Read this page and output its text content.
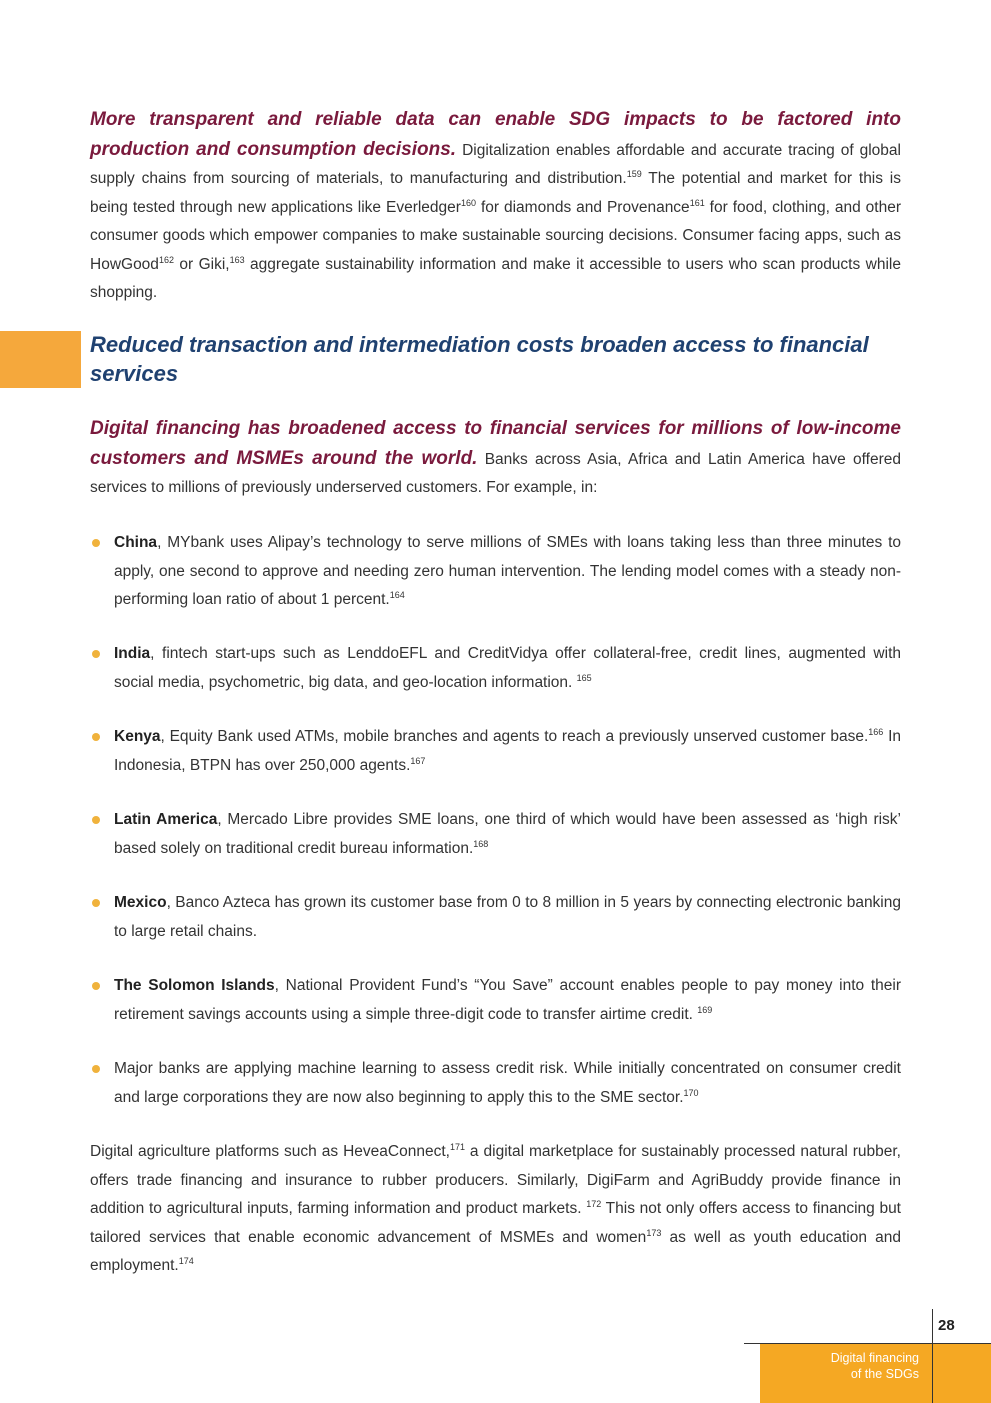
More transparent and reliable data can enable SDG impacts to be factored into production and consumption decisions. Digitalization enables affordable and accurate tracing of global supply chains from sourcing of materials, to manufacturing and distribution.$^{159}$ The potential and market for this is being tested through new applications like Everledger$^{160}$ for diamonds and Provenance$^{161}$ for food, clothing, and other consumer goods which empower companies to make sustainable sourcing decisions. Consumer facing apps, such as HowGood$^{162}$ or Giki,$^{163}$ aggregate sustainability information and make it accessible to users who scan products while shopping.

Reduced transaction and intermediation costs broaden access to financial services

Digital financing has broadened access to financial services for millions of low-income customers and MSMEs around the world. Banks across Asia, Africa and Latin America have offered services to millions of previously underserved customers. For example, in:

China, MYbank uses Alipay’s technology to serve millions of SMEs with loans taking less than three minutes to apply, one second to approve and needing zero human intervention. The lending model comes with a steady non-performing loan ratio of about 1 percent.$^{164}$
India, fintech start-ups such as LenddoEFL and CreditVidya offer collateral-free, credit lines, augmented with social media, psychometric, big data, and geo-location information. $^{165}$
Kenya, Equity Bank used ATMs, mobile branches and agents to reach a previously unserved customer base.$^{166}$ In Indonesia, BTPN has over 250,000 agents.$^{167}$
Latin America, Mercado Libre provides SME loans, one third of which would have been assessed as ‘high risk’ based solely on traditional credit bureau information.$^{168}$
Mexico, Banco Azteca has grown its customer base from 0 to 8 million in 5 years by connecting electronic banking to large retail chains.
The Solomon Islands, National Provident Fund’s “You Save” account enables people to pay money into their retirement savings accounts using a simple three-digit code to transfer airtime credit. $^{169}$
Major banks are applying machine learning to assess credit risk. While initially concentrated on consumer credit and large corporations they are now also beginning to apply this to the SME sector.$^{170}$

Digital agriculture platforms such as HeveaConnect,$^{171}$ a digital marketplace for sustainably processed natural rubber, offers trade financing and insurance to rubber producers. Similarly, DigiFarm and AgriBuddy provide finance in addition to agricultural inputs, farming information and product markets. $^{172}$ This not only offers access to financing but tailored services that enable economic advancement of MSMEs and women$^{173}$ as well as youth education and employment.$^{174}$

28
Digital financing
of the SDGs
